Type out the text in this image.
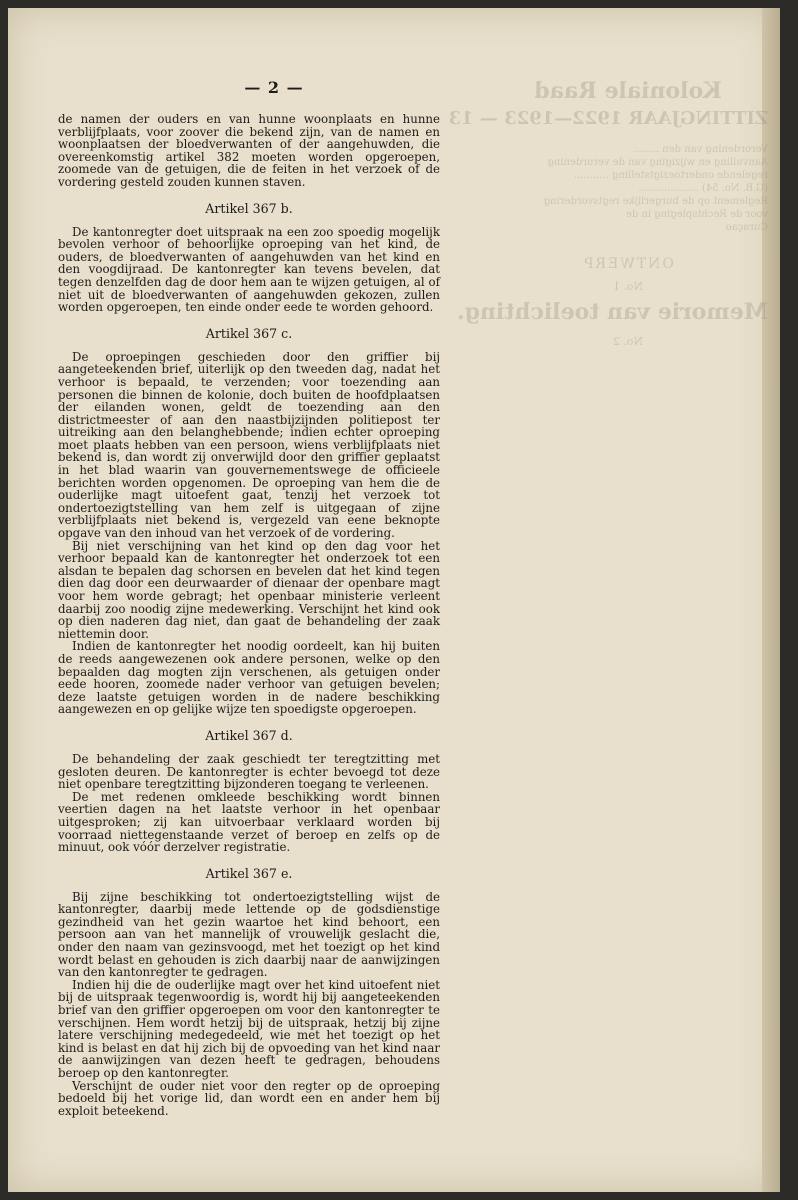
Koloniale Raad
ZITTINGJAAR 1922—1923 — 13
Verordening van den ........
Aanvulling en wijziging van de verordening
regelende ondertoezigtstelling ...........
(G.B. No. 54) ...................
Reglement op de burgerlijke regtsvordering
voor de Rechtspleging in de
Curaçao
ONTWERP
No. 1
Memorie van toelichting.
No. 2
— 2 —

de namen der ouders en van hunne woonplaats en hunne verblijfplaats, voor zoover die bekend zijn, van de namen en woonplaatsen der bloedverwanten of der aangehuwden, die overeenkomstig artikel 382 moeten worden opgeroepen, zoomede van de getuigen, die de feiten in het verzoek of de vordering gesteld zouden kunnen staven.

Artikel 367 b.

De kantonregter doet uitspraak na een zoo spoedig mogelijk bevolen verhoor of behoorlijke oproeping van het kind, de ouders, de bloedverwanten of aangehuwden van het kind en den voogdijraad. De kantonregter kan tevens bevelen, dat tegen denzelfden dag de door hem aan te wijzen getuigen, al of niet uit de bloedverwanten of aangehuwden gekozen, zullen worden opgeroepen, ten einde onder eede te worden gehoord.

Artikel 367 c.

De oproepingen geschieden door den griffier bij aangeteekenden brief, uiterlijk op den tweeden dag, nadat het verhoor is bepaald, te verzenden; voor toezending aan personen die binnen de kolonie, doch buiten de hoofdplaatsen der eilanden wonen, geldt de toezending aan den districtmeester of aan den naastbijzijnden politiepost ter uitreiking aan den belanghebbende; indien echter oproeping moet plaats hebben van een persoon, wiens verblijfplaats niet bekend is, dan wordt zij onverwijld door den griffier geplaatst in het blad waarin van gouvernementswege de officieele berichten worden opgenomen. De oproeping van hem die de ouderlijke magt uitoefent gaat, tenzij het verzoek tot ondertoezigtstelling van hem zelf is uitgegaan of zijne verblijfplaats niet bekend is, vergezeld van eene beknopte opgave van den inhoud van het verzoek of de vordering.

Bij niet verschijning van het kind op den dag voor het verhoor bepaald kan de kantonregter het onderzoek tot een alsdan te bepalen dag schorsen en bevelen dat het kind tegen dien dag door een deurwaarder of dienaar der openbare magt voor hem worde gebragt; het openbaar ministerie verleent daarbij zoo noodig zijne medewerking. Verschijnt het kind ook op dien naderen dag niet, dan gaat de behandeling der zaak niettemin door.

Indien de kantonregter het noodig oordeelt, kan hij buiten de reeds aangewezenen ook andere personen, welke op den bepaalden dag mogten zijn verschenen, als getuigen onder eede hooren, zoomede nader verhoor van getuigen bevelen; deze laatste getuigen worden in de nadere beschikking aangewezen en op gelijke wijze ten spoedigste opgeroepen.

Artikel 367 d.

De behandeling der zaak geschiedt ter teregtzitting met gesloten deuren. De kantonregter is echter bevoegd tot deze niet openbare teregtzitting bijzonderen toegang te verleenen.

De met redenen omkleede beschikking wordt binnen veertien dagen na het laatste verhoor in het openbaar uitgesproken; zij kan uitvoerbaar verklaard worden bij voorraad niettegenstaande verzet of beroep en zelfs op de minuut, ook vóór derzelver registratie.

Artikel 367 e.

Bij zijne beschikking tot ondertoezigtstelling wijst de kantonregter, daarbij mede lettende op de godsdienstige gezindheid van het gezin waartoe het kind behoort, een persoon aan van het mannelijk of vrouwelijk geslacht die, onder den naam van gezinsvoogd, met het toezigt op het kind wordt belast en gehouden is zich daarbij naar de aanwijzingen van den kantonregter te gedragen.

Indien hij die de ouderlijke magt over het kind uitoefent niet bij de uitspraak tegenwoordig is, wordt hij bij aangeteekenden brief van den griffier opgeroepen om voor den kantonregter te verschijnen. Hem wordt hetzij bij de uitspraak, hetzij bij zijne latere verschijning medegedeeld, wie met het toezigt op het kind is belast en dat hij zich bij de opvoeding van het kind naar de aanwijzingen van dezen heeft te gedragen, behoudens beroep op den kantonregter.

Verschijnt de ouder niet voor den regter op de oproeping bedoeld bij het vorige lid, dan wordt een en ander hem bij exploit beteekend.
